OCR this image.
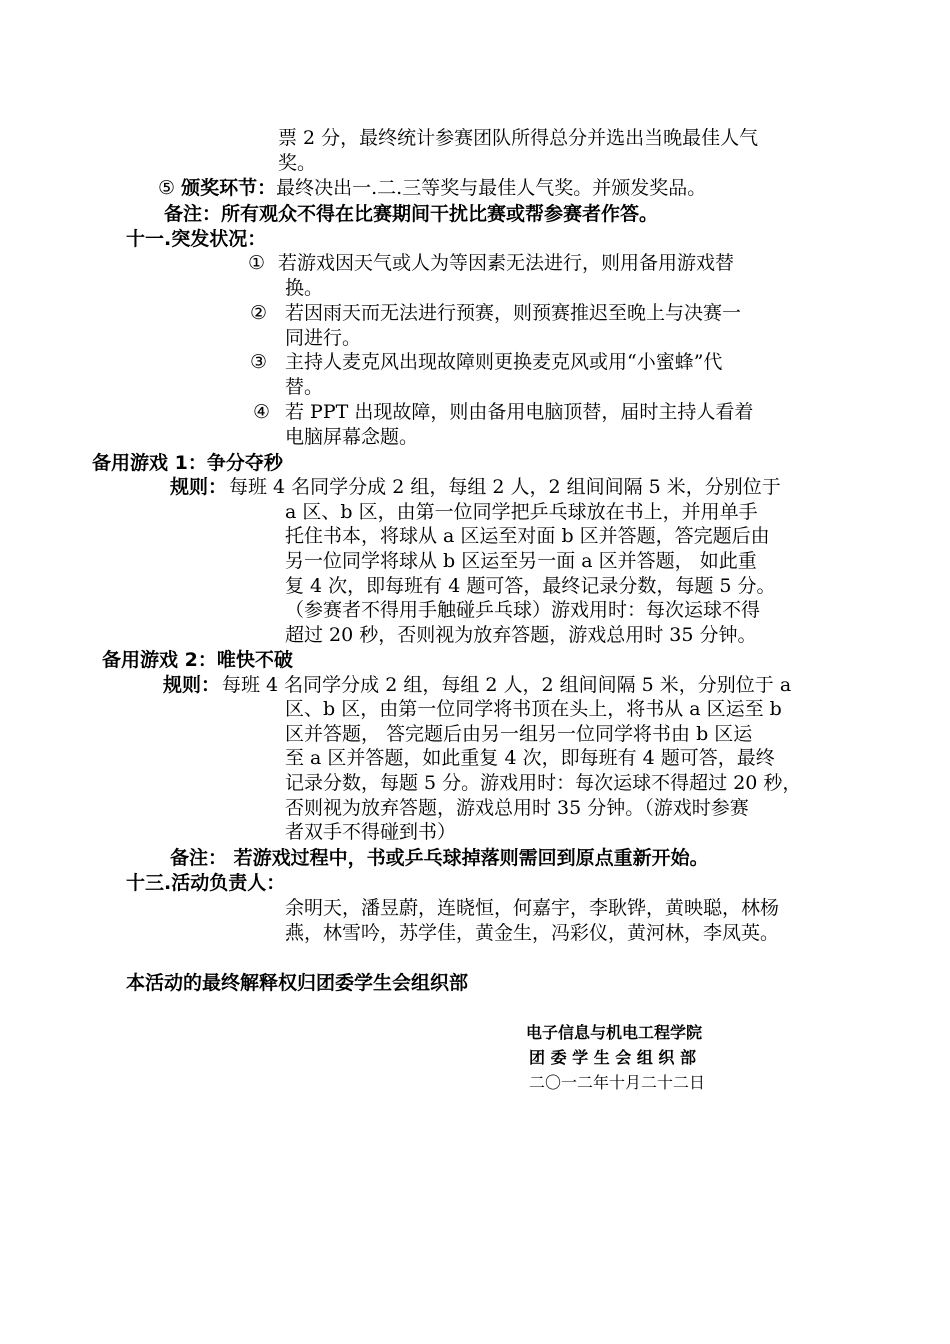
票 2 分，最终统计参赛团队所得总分并选出当晚最佳人气
奖。
⑤ 颁奖环节：最终决出一.二.三等奖与最佳人气奖。并颁发奖品。
备注：所有观众不得在比赛期间干扰比赛或帮参赛者作答。
十一.突发状况：
① 若游戏因天气或人为等因素无法进行，则用备用游戏替
换。
② 若因雨天而无法进行预赛，则预赛推迟至晚上与决赛一
同进行。
③ 主持人麦克风出现故障则更换麦克风或用“小蜜蜂”代
替。
④ 若 PPT 出现故障，则由备用电脑顶替，届时主持人看着
电脑屏幕念题。
备用游戏 1：争分夺秒
规则： 每班 4 名同学分成 2 组，每组 2 人，2 组间间隔 5 米，分别位于
a 区、b 区，由第一位同学把乒乓球放在书上，并用单手
托住书本，将球从 a 区运至对面 b 区并答题，答完题后由
另一位同学将球从 b 区运至另一面 a 区并答题， 如此重
复 4 次，即每班有 4 题可答，最终记录分数，每题 5 分。
（参赛者不得用手触碰乒乓球）游戏用时：每次运球不得
超过 20 秒，否则视为放弃答题，游戏总用时 35 分钟。
备用游戏 2：唯快不破
规则： 每班 4 名同学分成 2 组，每组 2 人，2 组间间隔 5 米，分别位于 a
区、b 区，由第一位同学将书顶在头上，将书从 a 区运至 b
区并答题， 答完题后由另一组另一位同学将书由 b 区运
至 a 区并答题，如此重复 4 次，即每班有 4 题可答，最终
记录分数，每题 5 分。游戏用时：每次运球不得超过 20 秒，
否则视为放弃答题，游戏总用时 35 分钟。（游戏时参赛
者双手不得碰到书）
备注： 若游戏过程中，书或乒乓球掉落则需回到原点重新开始。
十三.活动负责人：
余明天，潘昱蔚，连晓恒，何嘉宇，李耿铧，黄映聪，林杨
燕，林雪吟，苏学佳，黄金生，冯彩仪，黄河林，李凤英。
本活动的最终解释权归团委学生会组织部
电子信息与机电工程学院
团 委 学 生 会 组 织 部
二〇一二年十月二十二日
